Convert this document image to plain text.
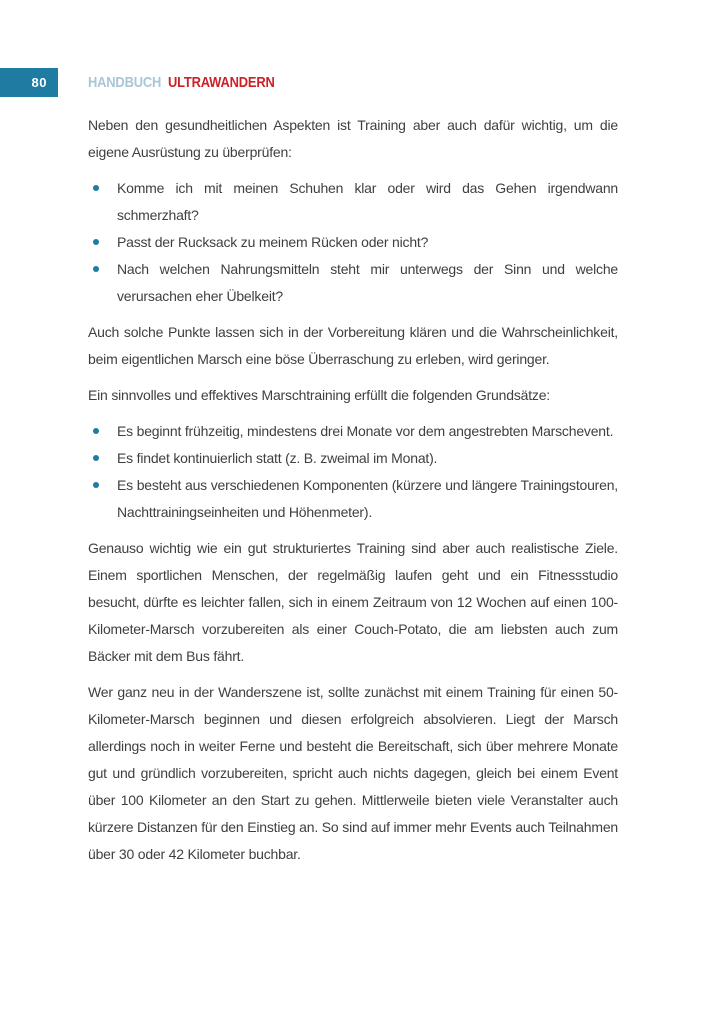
80	HANDBUCH ULTRAWANDERN

Neben den gesundheitlichen Aspekten ist Training aber auch dafür wichtig, um die eigene Ausrüstung zu überprüfen:

Komme ich mit meinen Schuhen klar oder wird das Gehen irgendwann schmerzhaft?
Passt der Rucksack zu meinem Rücken oder nicht?
Nach welchen Nahrungsmitteln steht mir unterwegs der Sinn und welche verursachen eher Übelkeit?

Auch solche Punkte lassen sich in der Vorbereitung klären und die Wahrscheinlichkeit, beim eigentlichen Marsch eine böse Überraschung zu erleben, wird geringer.

Ein sinnvolles und effektives Marschtraining erfüllt die folgenden Grundsätze:

Es beginnt frühzeitig, mindestens drei Monate vor dem angestrebten Marschevent.
Es findet kontinuierlich statt (z. B. zweimal im Monat).
Es besteht aus verschiedenen Komponenten (kürzere und längere Trainingstouren, Nachttrainingseinheiten und Höhenmeter).

Genauso wichtig wie ein gut strukturiertes Training sind aber auch realistische Ziele. Einem sportlichen Menschen, der regelmäßig laufen geht und ein Fitnessstudio besucht, dürfte es leichter fallen, sich in einem Zeitraum von 12 Wochen auf einen 100-Kilometer-Marsch vorzubereiten als einer Couch-Potato, die am liebsten auch zum Bäcker mit dem Bus fährt.

Wer ganz neu in der Wanderszene ist, sollte zunächst mit einem Training für einen 50-Kilometer-Marsch beginnen und diesen erfolgreich absolvieren. Liegt der Marsch allerdings noch in weiter Ferne und besteht die Bereitschaft, sich über mehrere Monate gut und gründlich vorzubereiten, spricht auch nichts dagegen, gleich bei einem Event über 100 Kilometer an den Start zu gehen. Mittlerweile bieten viele Veranstalter auch kürzere Distanzen für den Einstieg an. So sind auf immer mehr Events auch Teilnahmen über 30 oder 42 Kilometer buchbar.
